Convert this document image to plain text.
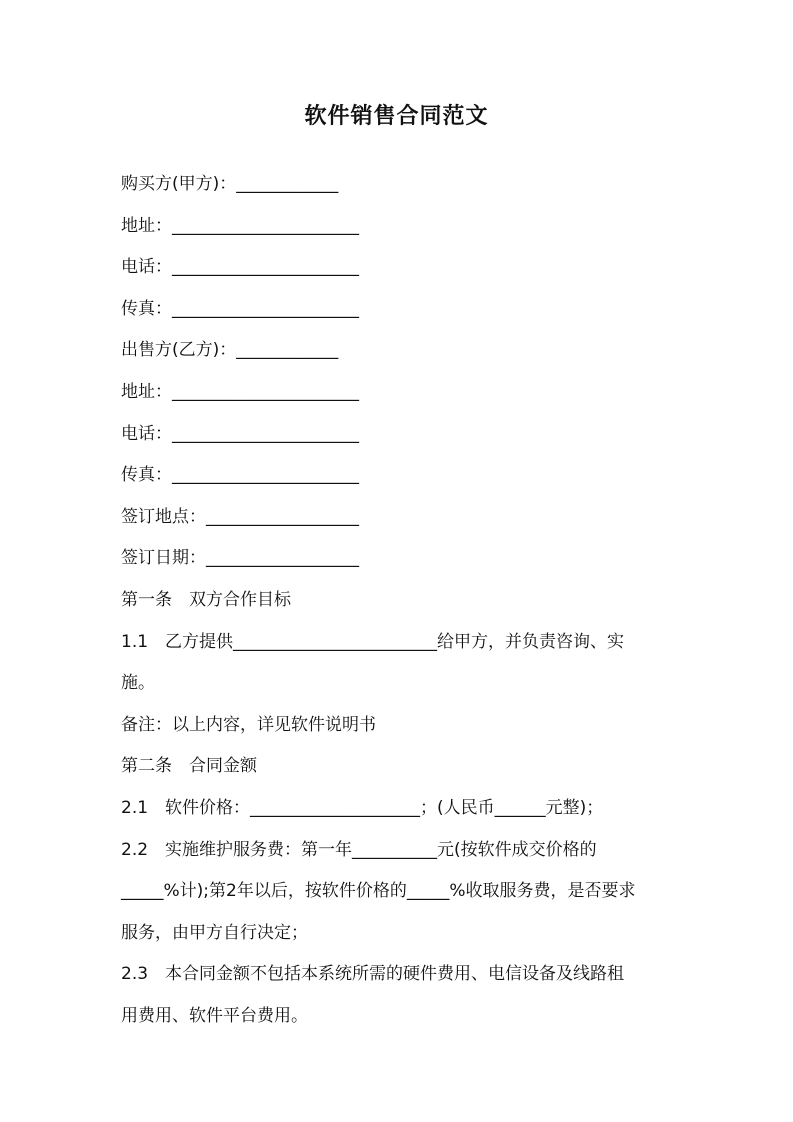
软件销售合同范文

购买方(甲方)：____________

地址：______________________

电话：______________________

传真：______________________

出售方(乙方)：____________

地址：______________________

电话：______________________

传真：______________________

签订地点：__________________

签订日期：__________________

第一条　双方合作目标

1.1　乙方提供________________________给甲方，并负责咨询、实

施。

备注：以上内容，详见软件说明书

第二条　合同金额

2.1　软件价格：____________________；(人民币______元整)；

2.2　实施维护服务费：第一年__________元(按软件成交价格的

_____%计);第2年以后，按软件价格的_____%收取服务费，是否要求

服务，由甲方自行决定；

2.3　本合同金额不包括本系统所需的硬件费用、电信设备及线路租

用费用、软件平台费用。
